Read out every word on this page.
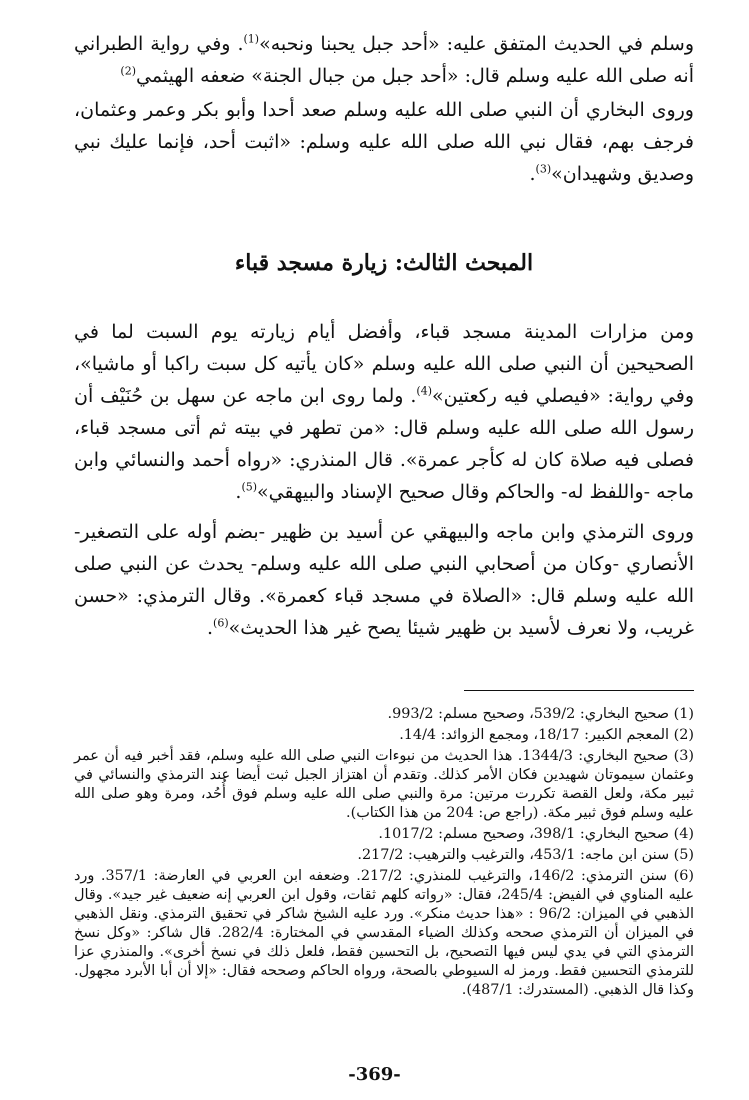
وسلم في الحديث المتفق عليه: «أحد جبل يحبنا ونحبه»$^{(1)}$. وفي رواية الطبراني أنه صلى الله عليه وسلم قال: «أحد جبل من جبال الجنة» ضعفه الهيثمي$^{(2)}$

وروى البخاري أن النبي صلى الله عليه وسلم صعد أحدا وأبو بكر وعمر وعثمان، فرجف بهم، فقال نبي الله صلى الله عليه وسلم: «اثبت أحد، فإنما عليك نبي وصديق وشهيدان»$^{(3)}$.

المبحث الثالث: زيارة مسجد قباء

ومن مزارات المدينة مسجد قباء، وأفضل أيام زيارته يوم السبت لما في الصحيحين أن النبي صلى الله عليه وسلم «كان يأتيه كل سبت راكبا أو ماشيا»، وفي رواية: «فيصلي فيه ركعتين»$^{(4)}$. ولما روى ابن ماجه عن سهل بن حُنَيْف أن رسول الله صلى الله عليه وسلم قال: «من تطهر في بيته ثم أتى مسجد قباء، فصلى فيه صلاة كان له كأجر عمرة». قال المنذري: «رواه أحمد والنسائي وابن ماجه -واللفظ له- والحاكم وقال صحيح الإسناد والبيهقي»$^{(5)}$.

وروى الترمذي وابن ماجه والبيهقي عن أسيد بن ظهير -بضم أوله على التصغير- الأنصاري -وكان من أصحابي النبي صلى الله عليه وسلم- يحدث عن النبي صلى الله عليه وسلم قال: «الصلاة في مسجد قباء كعمرة». وقال الترمذي: «حسن غريب، ولا نعرف لأسيد بن ظهير شيئا يصح غير هذا الحديث»$^{(6)}$.

(1) صحيح البخاري: 539/2، وصحيح مسلم: 993/2.

(2) المعجم الكبير: 18/17، ومجمع الزوائد: 14/4.

(3) صحيح البخاري: 1344/3. هذا الحديث من نبوءات النبي صلى الله عليه وسلم، فقد أخبر فيه أن عمر وعثمان سيموتان شهيدين فكان الأمر كذلك. وتقدم أن اهتزاز الجبل ثبت أيضا عند الترمذي والنسائي في ثبير مكة، ولعل القصة تكررت مرتين: مرة والنبي صلى الله عليه وسلم فوق أُحُد، ومرة وهو صلى الله عليه وسلم فوق ثبير مكة. (راجع ص: 204 من هذا الكتاب).

(4) صحيح البخاري: 398/1، وصحيح مسلم: 1017/2.

(5) سنن ابن ماجه: 453/1، والترغيب والترهيب: 217/2.

(6) سنن الترمذي: 146/2، والترغيب للمنذري: 217/2. وضعفه ابن العربي في العارضة: 357/1. ورد عليه المناوي في الفيض: 245/4، فقال: «رواته كلهم ثقات، وقول ابن العربي إنه ضعيف غير جيد». وقال الذهبي في الميزان: 96/2 : «هذا حديث منكر». ورد عليه الشيخ شاكر في تحقيق الترمذي. ونقل الذهبي في الميزان أن الترمذي صححه وكذلك الضياء المقدسي في المختارة: 282/4. قال شاكر: «وكل نسخ الترمذي التي في يدي ليس فيها التصحيح، بل التحسين فقط، فلعل ذلك في نسخ أخرى». والمنذري عزا للترمذي التحسين فقط. ورمز له السيوطي بالصحة، ورواه الحاكم وصححه فقال: «إلا أن أبا الأبرد مجهول. وكذا قال الذهبي. (المستدرك: 487/1).

-369-
